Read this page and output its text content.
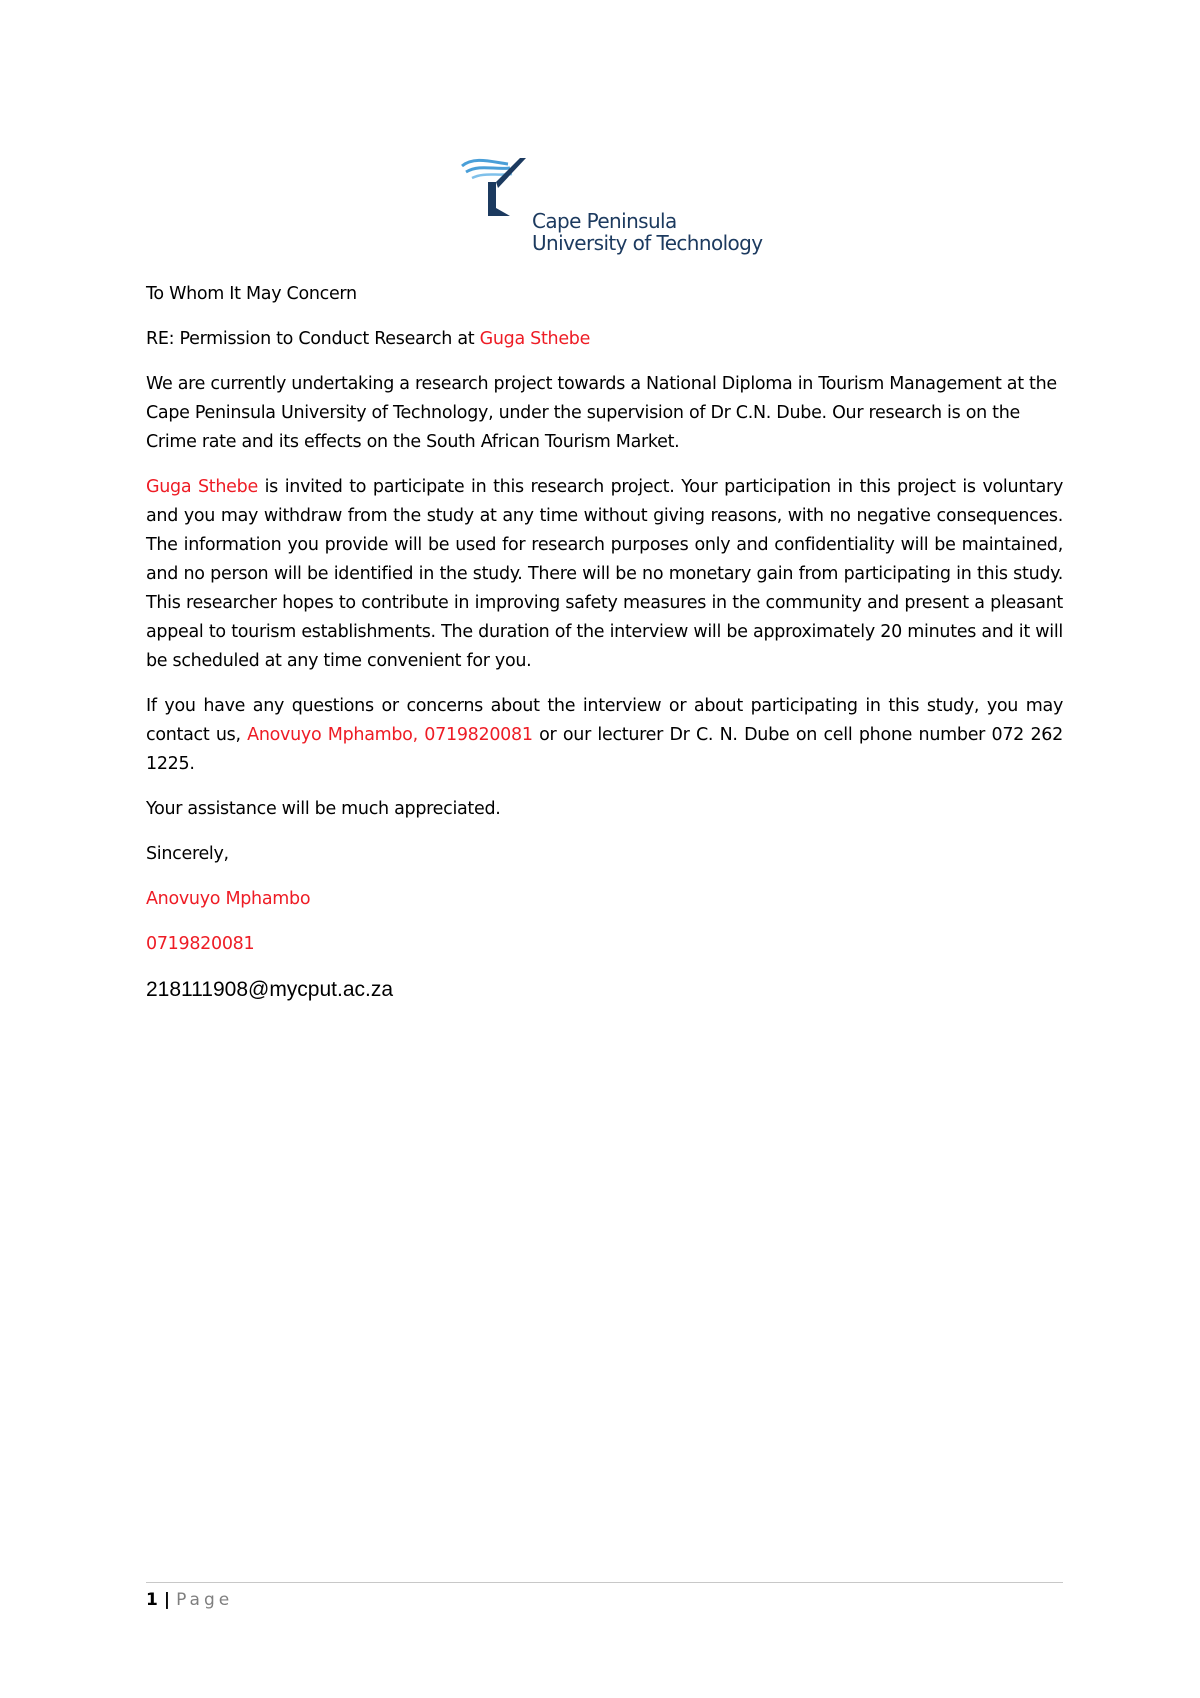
Cape Peninsula
University of Technology

To Whom It May Concern

RE: Permission to Conduct Research at Guga Sthebe

We are currently undertaking a research project towards a National Diploma in Tourism Management at the Cape Peninsula University of Technology, under the supervision of Dr C.N. Dube. Our research is on the Crime rate and its effects on the South African Tourism Market.

Guga Sthebe is invited to participate in this research project. Your participation in this project is voluntary and you may withdraw from the study at any time without giving reasons, with no negative consequences. The information you provide will be used for research purposes only and confidentiality will be maintained, and no person will be identified in the study. There will be no monetary gain from participating in this study. This researcher hopes to contribute in improving safety measures in the community and present a pleasant appeal to tourism establishments. The duration of the interview will be approximately 20 minutes and it will be scheduled at any time convenient for you.

If you have any questions or concerns about the interview or about participating in this study, you may contact us, Anovuyo Mphambo, 0719820081 or our lecturer Dr C. N. Dube on cell phone number 072 262 1225.

Your assistance will be much appreciated.

Sincerely,

Anovuyo Mphambo

0719820081

218111908@mycput.ac.za

1 | Page
